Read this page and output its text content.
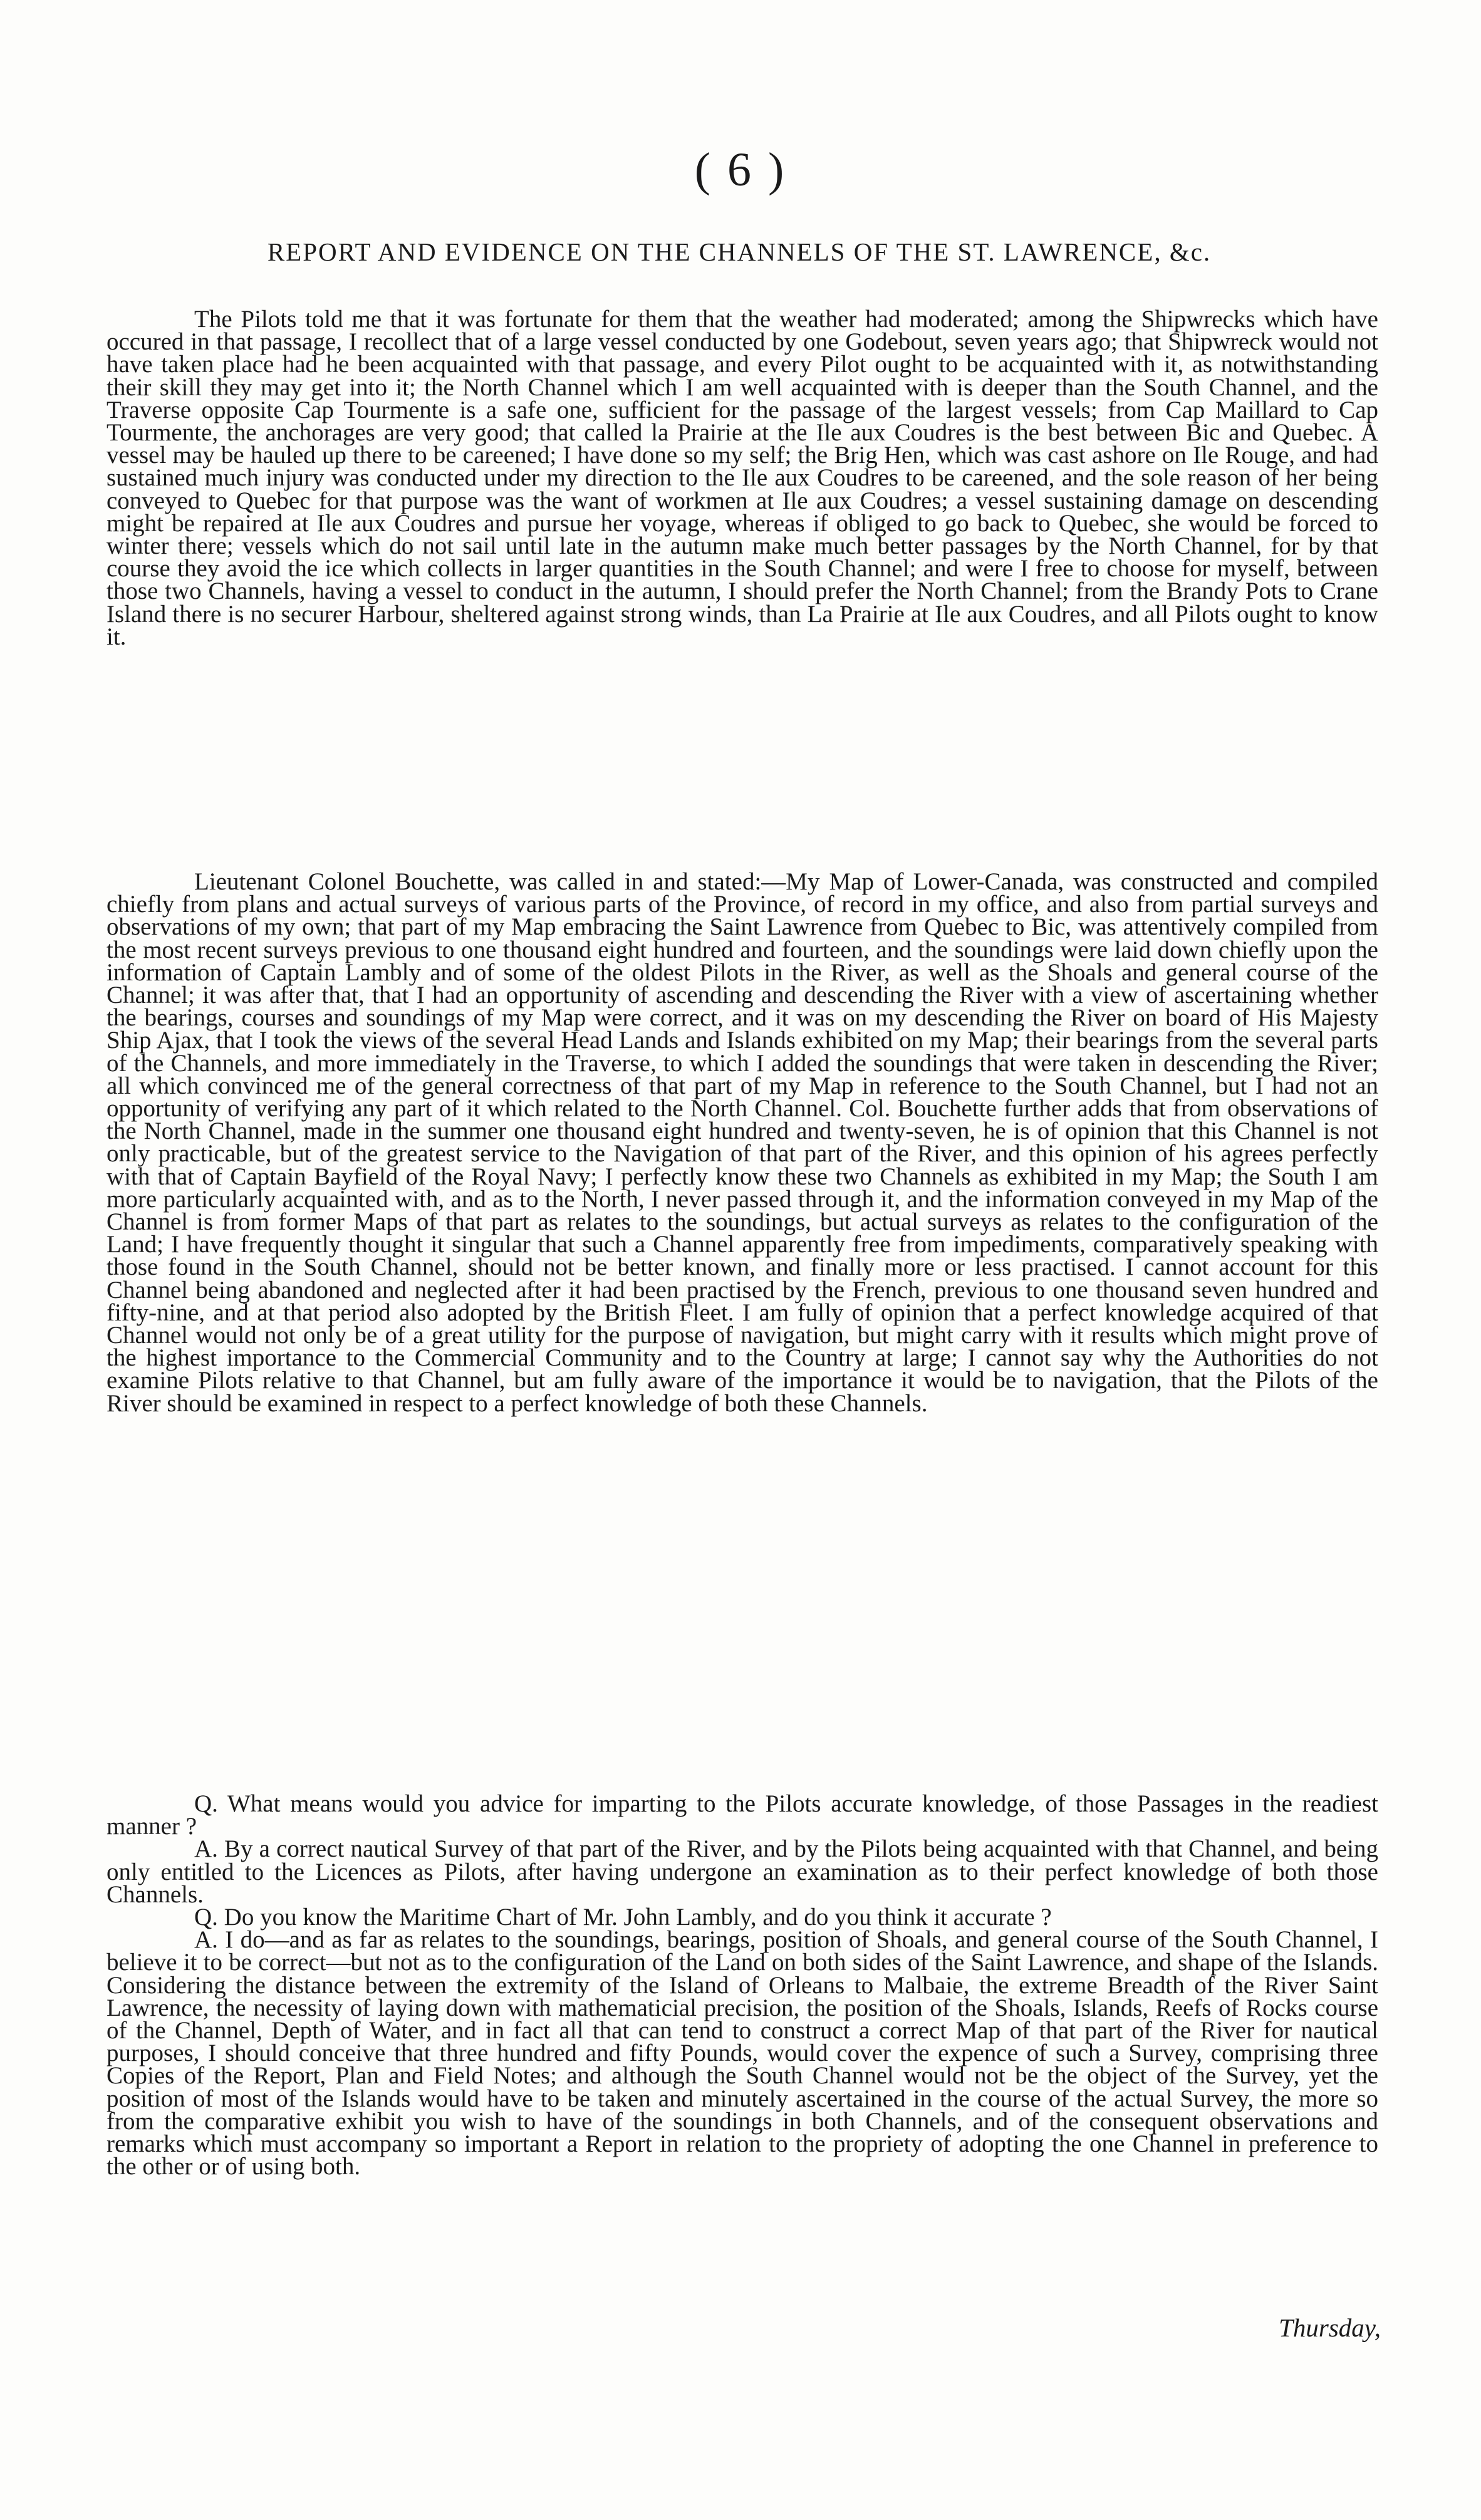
( 6 )
REPORT AND EVIDENCE ON THE CHANNELS OF THE ST. LAWRENCE, &c.

The Pilots told me that it was fortunate for them that the weather had moderated; among the Shipwrecks which have occured in that passage, I recollect that of a large vessel conducted by one Godebout, seven years ago; that Shipwreck would not have taken place had he been acquainted with that passage, and every Pilot ought to be acquainted with it, as notwithstanding their skill they may get into it; the North Channel which I am well acquainted with is deeper than the South Channel, and the Traverse opposite Cap Tourmente is a safe one, sufficient for the passage of the largest vessels; from Cap Maillard to Cap Tourmente, the anchorages are very good; that called la Prairie at the Ile aux Coudres is the best between Bic and Quebec. A vessel may be hauled up there to be careened; I have done so my self; the Brig Hen, which was cast ashore on Ile Rouge, and had sustained much injury was conducted under my direction to the Ile aux Coudres to be careened, and the sole reason of her being conveyed to Quebec for that purpose was the want of workmen at Ile aux Coudres; a vessel sustaining damage on descending might be repaired at Ile aux Coudres and pursue her voyage, whereas if obliged to go back to Quebec, she would be forced to winter there; vessels which do not sail until late in the autumn make much better passages by the North Channel, for by that course they avoid the ice which collects in larger quantities in the South Channel; and were I free to choose for myself, between those two Channels, having a vessel to conduct in the autumn, I should prefer the North Channel; from the Brandy Pots to Crane Island there is no securer Harbour, sheltered against strong winds, than La Prairie at Ile aux Coudres, and all Pilots ought to know it.

Lieutenant Colonel Bouchette, was called in and stated:—My Map of Lower-Canada, was constructed and compiled chiefly from plans and actual surveys of various parts of the Province, of record in my office, and also from partial surveys and observations of my own; that part of my Map embracing the Saint Lawrence from Quebec to Bic, was attentively compiled from the most recent surveys previous to one thousand eight hundred and fourteen, and the soundings were laid down chiefly upon the information of Captain Lambly and of some of the oldest Pilots in the River, as well as the Shoals and general course of the Channel; it was after that, that I had an opportunity of ascending and descending the River with a view of ascertaining whether the bearings, courses and soundings of my Map were correct, and it was on my descending the River on board of His Majesty Ship Ajax, that I took the views of the several Head Lands and Islands exhibited on my Map; their bearings from the several parts of the Channels, and more immediately in the Traverse, to which I added the soundings that were taken in descending the River; all which convinced me of the general correctness of that part of my Map in reference to the South Channel, but I had not an opportunity of verifying any part of it which related to the North Channel. Col. Bouchette further adds that from observations of the North Channel, made in the summer one thousand eight hundred and twenty-seven, he is of opinion that this Channel is not only practicable, but of the greatest service to the Navigation of that part of the River, and this opinion of his agrees perfectly with that of Captain Bayfield of the Royal Navy; I perfectly know these two Channels as exhibited in my Map; the South I am more particularly acquainted with, and as to the North, I never passed through it, and the information conveyed in my Map of the Channel is from former Maps of that part as relates to the soundings, but actual surveys as relates to the configuration of the Land; I have frequently thought it singular that such a Channel apparently free from impediments, comparatively speaking with those found in the South Channel, should not be better known, and finally more or less practised. I cannot account for this Channel being abandoned and neglected after it had been practised by the French, previous to one thousand seven hundred and fifty-nine, and at that period also adopted by the British Fleet. I am fully of opinion that a perfect knowledge acquired of that Channel would not only be of a great utility for the purpose of navigation, but might carry with it results which might prove of the highest importance to the Commercial Community and to the Country at large; I cannot say why the Authorities do not examine Pilots relative to that Channel, but am fully aware of the importance it would be to navigation, that the Pilots of the River should be examined in respect to a perfect knowledge of both these Channels.

Q. What means would you advice for imparting to the Pilots accurate knowledge, of those Passages in the readiest manner ?

A. By a correct nautical Survey of that part of the River, and by the Pilots being acquainted with that Channel, and being only entitled to the Licences as Pilots, after having undergone an examination as to their perfect knowledge of both those Channels.

Q. Do you know the Maritime Chart of Mr. John Lambly, and do you think it accurate ?

A. I do—and as far as relates to the soundings, bearings, position of Shoals, and general course of the South Channel, I believe it to be correct—but not as to the configuration of the Land on both sides of the Saint Lawrence, and shape of the Islands. Considering the distance between the extremity of the Island of Orleans to Malbaie, the extreme Breadth of the River Saint Lawrence, the necessity of laying down with mathematicial precision, the position of the Shoals, Islands, Reefs of Rocks course of the Channel, Depth of Water, and in fact all that can tend to construct a correct Map of that part of the River for nautical purposes, I should conceive that three hundred and fifty Pounds, would cover the expence of such a Survey, comprising three Copies of the Report, Plan and Field Notes; and although the South Channel would not be the object of the Survey, yet the position of most of the Islands would have to be taken and minutely ascertained in the course of the actual Survey, the more so from the comparative exhibit you wish to have of the soundings in both Channels, and of the consequent observations and remarks which must accompany so important a Report in relation to the propriety of adopting the one Channel in preference to the other or of using both.

Thursday,
